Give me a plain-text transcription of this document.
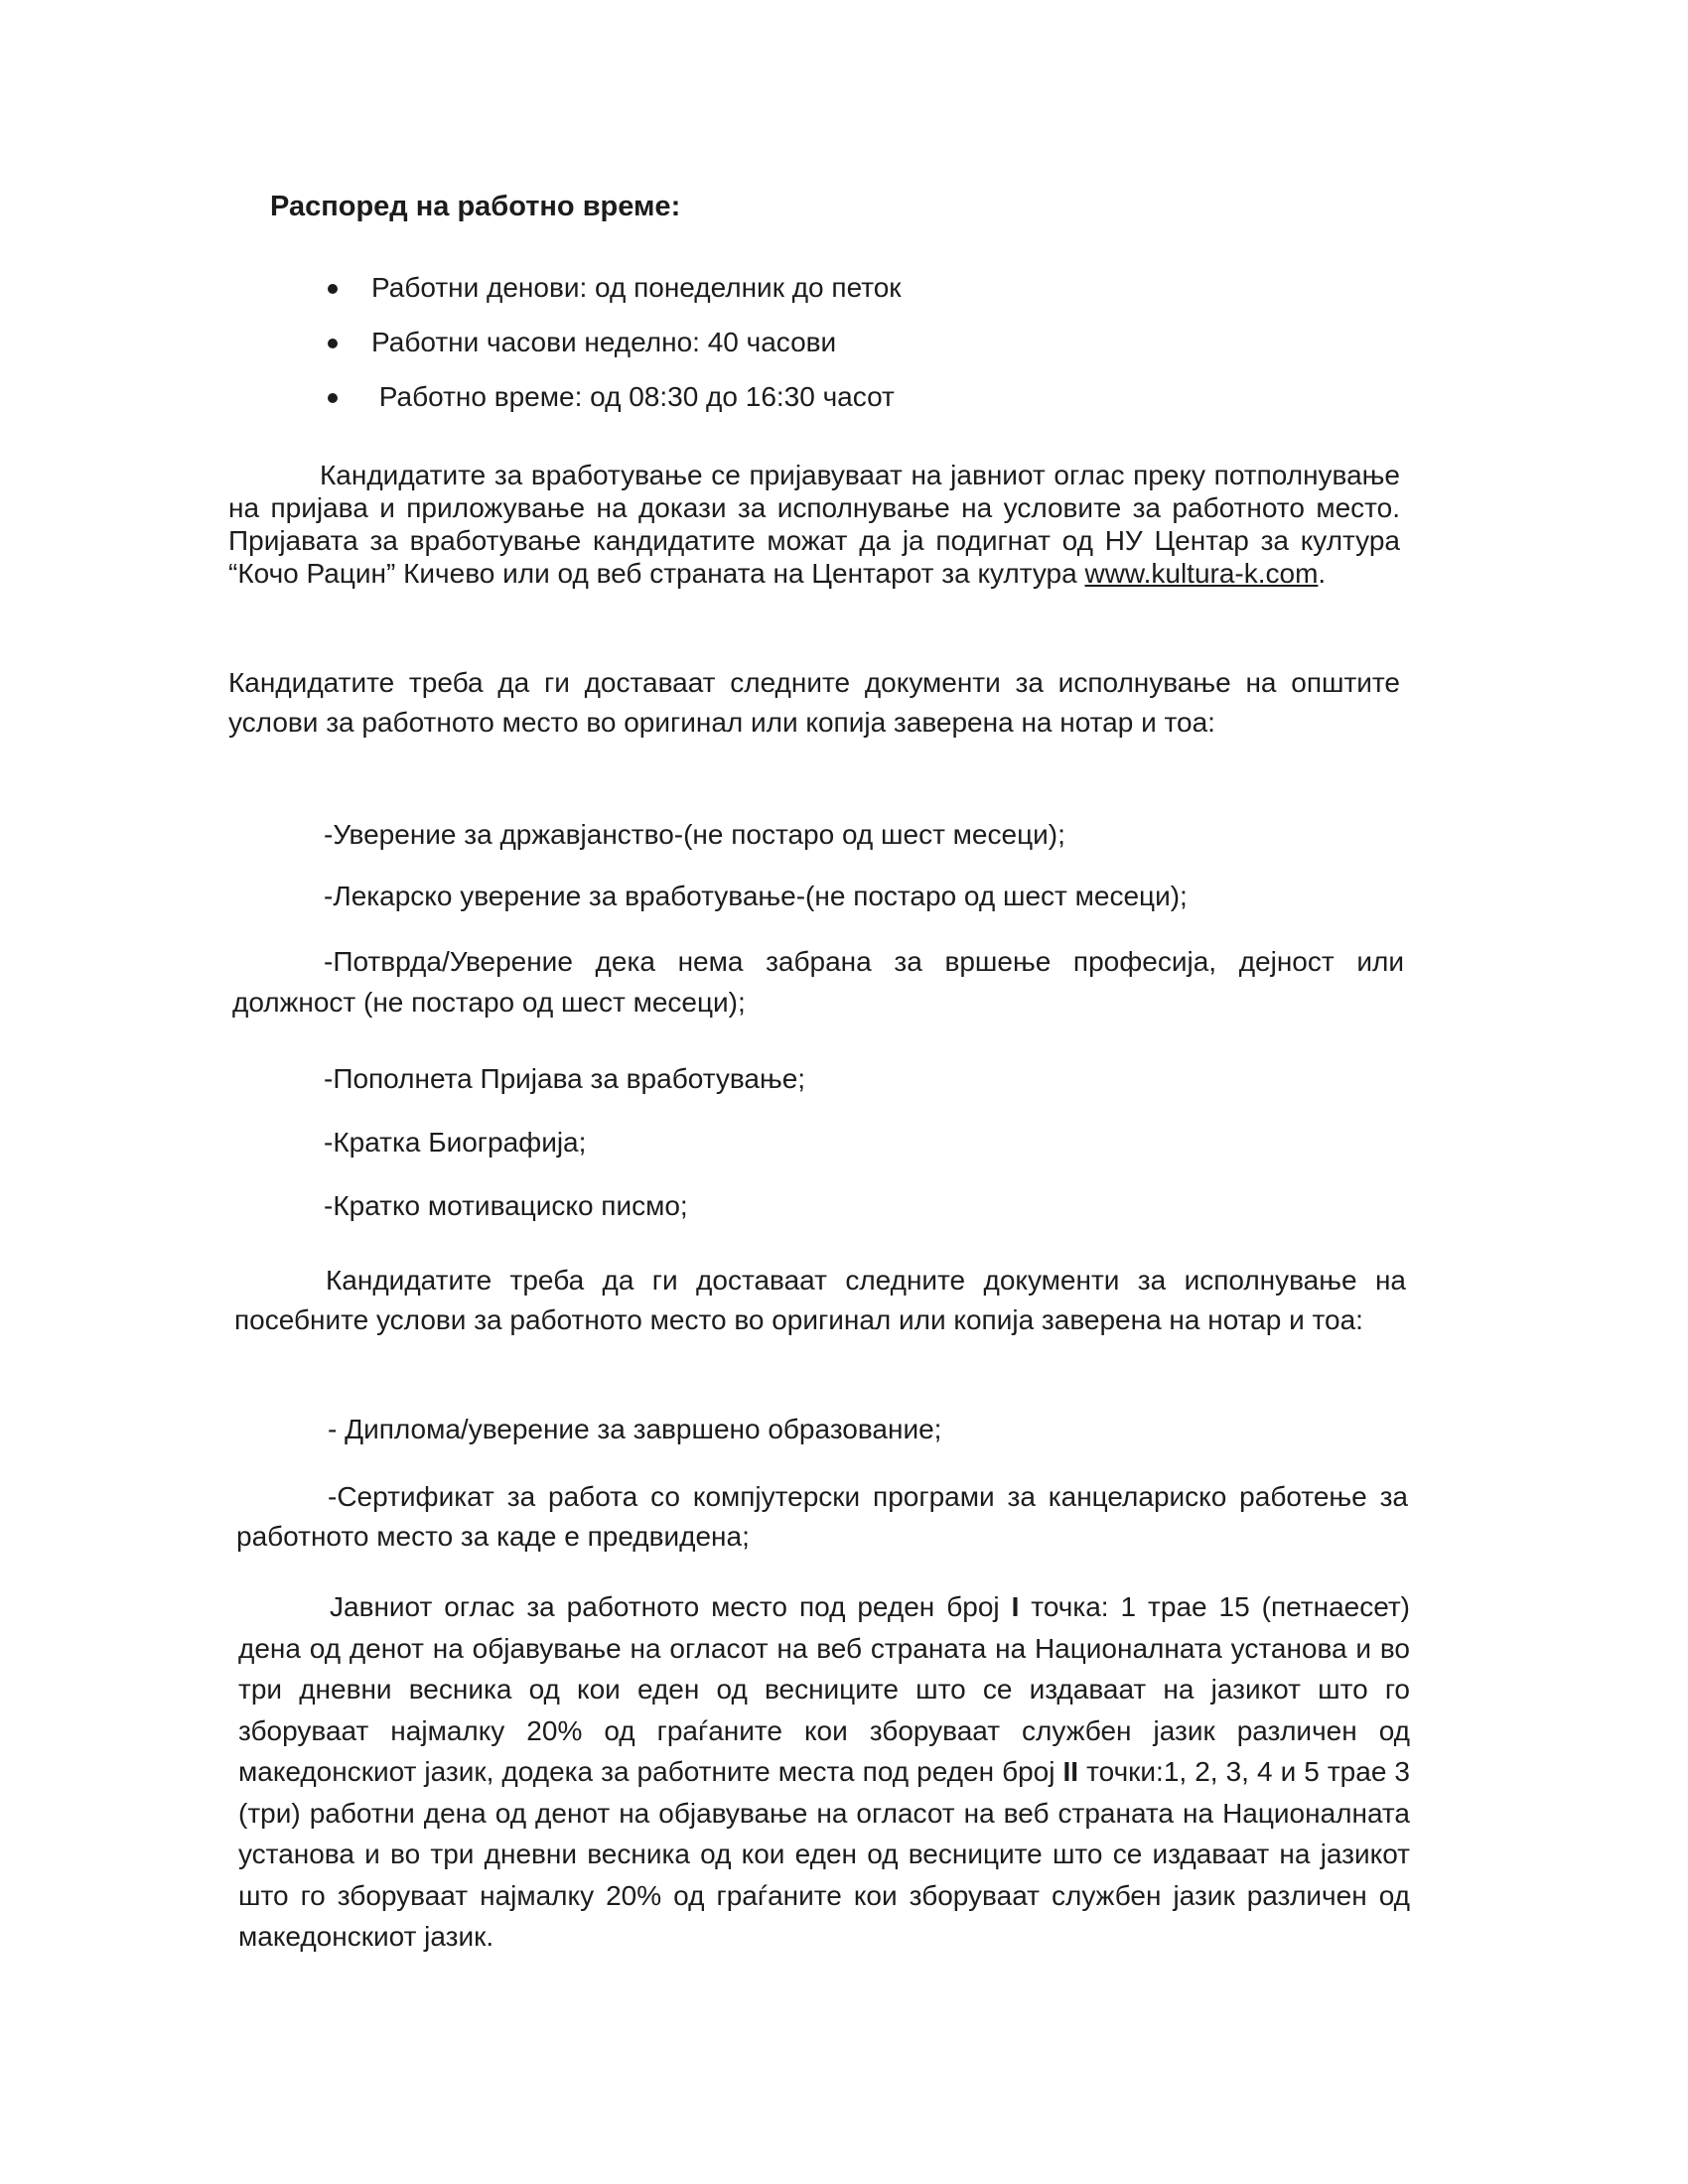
Распоред на работно време:
Работни денови: од понеделник до петок
Работни часови неделно: 40 часови
Работно време: од 08:30 до 16:30 часот
Кандидатите за вработување се пријавуваат на јавниот оглас преку потполнување на пријава и приложување на докази за исполнување на условите за работното место. Пријавата за вработување кандидатите можат да ја подигнат од НУ Центар за култура “Кочо Рацин” Кичево или од веб страната на Центарот за култура www.kultura-k.com.
Кандидатите треба да ги доставаат следните документи за исполнување на општите услови за работното место во оригинал или копија заверена на нотар и тоа:
-Уверение за државјанство-(не постаро од шест месеци);
-Лекарско уверение за вработување-(не постаро од шест месеци);
-Потврда/Уверение дека нема забрана за вршење професија, дејност или должност (не постаро од шест месеци);
-Пополнета Пријава за вработување;
-Кратка Биографија;
-Кратко мотивациско писмо;
Кандидатите треба да ги доставаат следните документи за исполнување на посебните услови за работното место во оригинал или копија заверена на нотар и тоа:
- Диплома/уверение за завршено образование;
-Сертификат за работа со компјутерски програми за канцелариско работење за работното место за каде е предвидена;
Јавниот оглас за работното место под реден број I точка: 1 трае 15 (петнаесет) дена од денот на објавување на огласот на веб страната на Националната установа и во три дневни весника од кои еден од весниците што се издаваат на јазикот што го зборуваат најмалку 20% од граѓаните кои зборуваат службен јазик различен од македонскиот јазик, додека за работните места под реден број II точки:1, 2, 3, 4 и 5 трае 3 (три) работни дена од денот на објавување на огласот на веб страната на Националната установа и во три дневни весника од кои еден од весниците што се издаваат на јазикот што го зборуваат најмалку 20% од граѓаните кои зборуваат службен јазик различен од македонскиот јазик.
